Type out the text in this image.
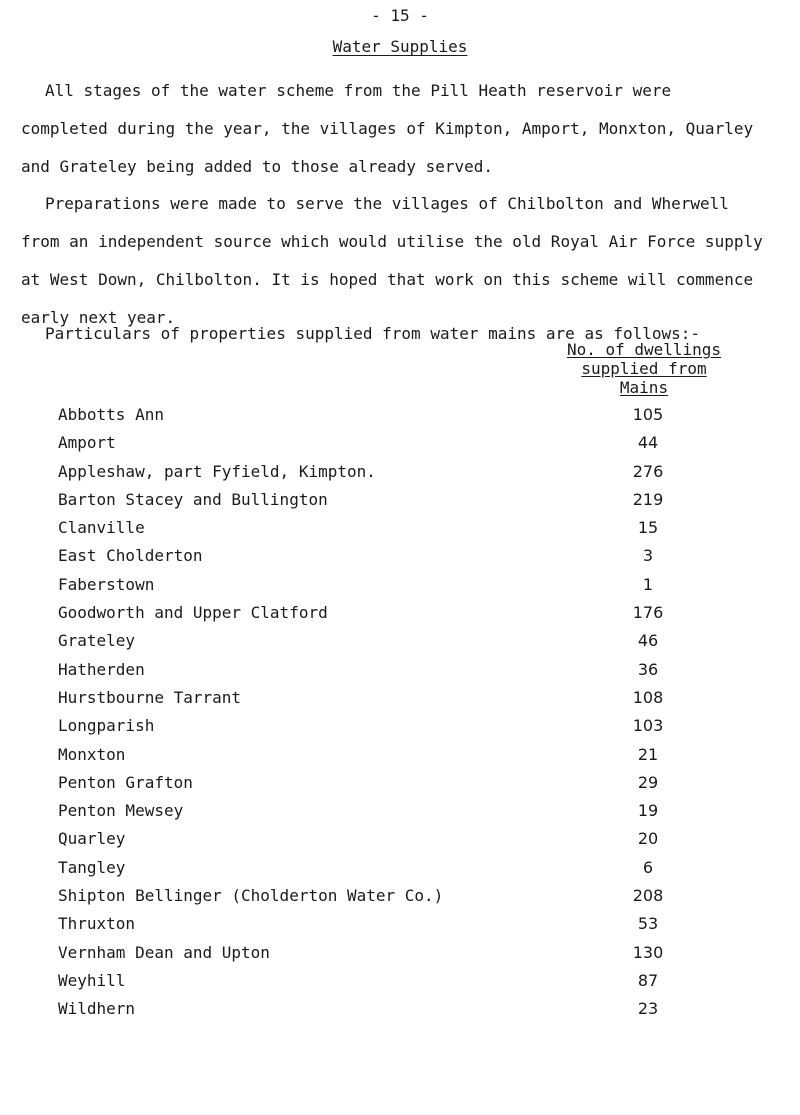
- 15 -
Water Supplies

All stages of the water scheme from the Pill Heath reservoir were
completed during the year, the villages of Kimpton, Amport, Monxton, Quarley
and Grateley being added to those already served.

Preparations were made to serve the villages of Chilbolton and Wherwell
from an independent source which would utilise the old Royal Air Force supply
at West Down, Chilbolton. It is hoped that work on this scheme will commence
early next year.

Particulars of properties supplied from water mains are as follows:-

No. of dwellings
supplied from
Mains
Abbotts Ann	105
Amport	44
Appleshaw, part Fyfield, Kimpton.	276
Barton Stacey and Bullington	219
Clanville	15
East Cholderton	3
Faberstown	1
Goodworth and Upper Clatford	176
Grateley	46
Hatherden	36
Hurstbourne Tarrant	108
Longparish	103
Monxton	21
Penton Grafton	29
Penton Mewsey	19
Quarley	20
Tangley	6
Shipton Bellinger (Cholderton Water Co.)	208
Thruxton	53
Vernham Dean and Upton	130
Weyhill	87
Wildhern	23
